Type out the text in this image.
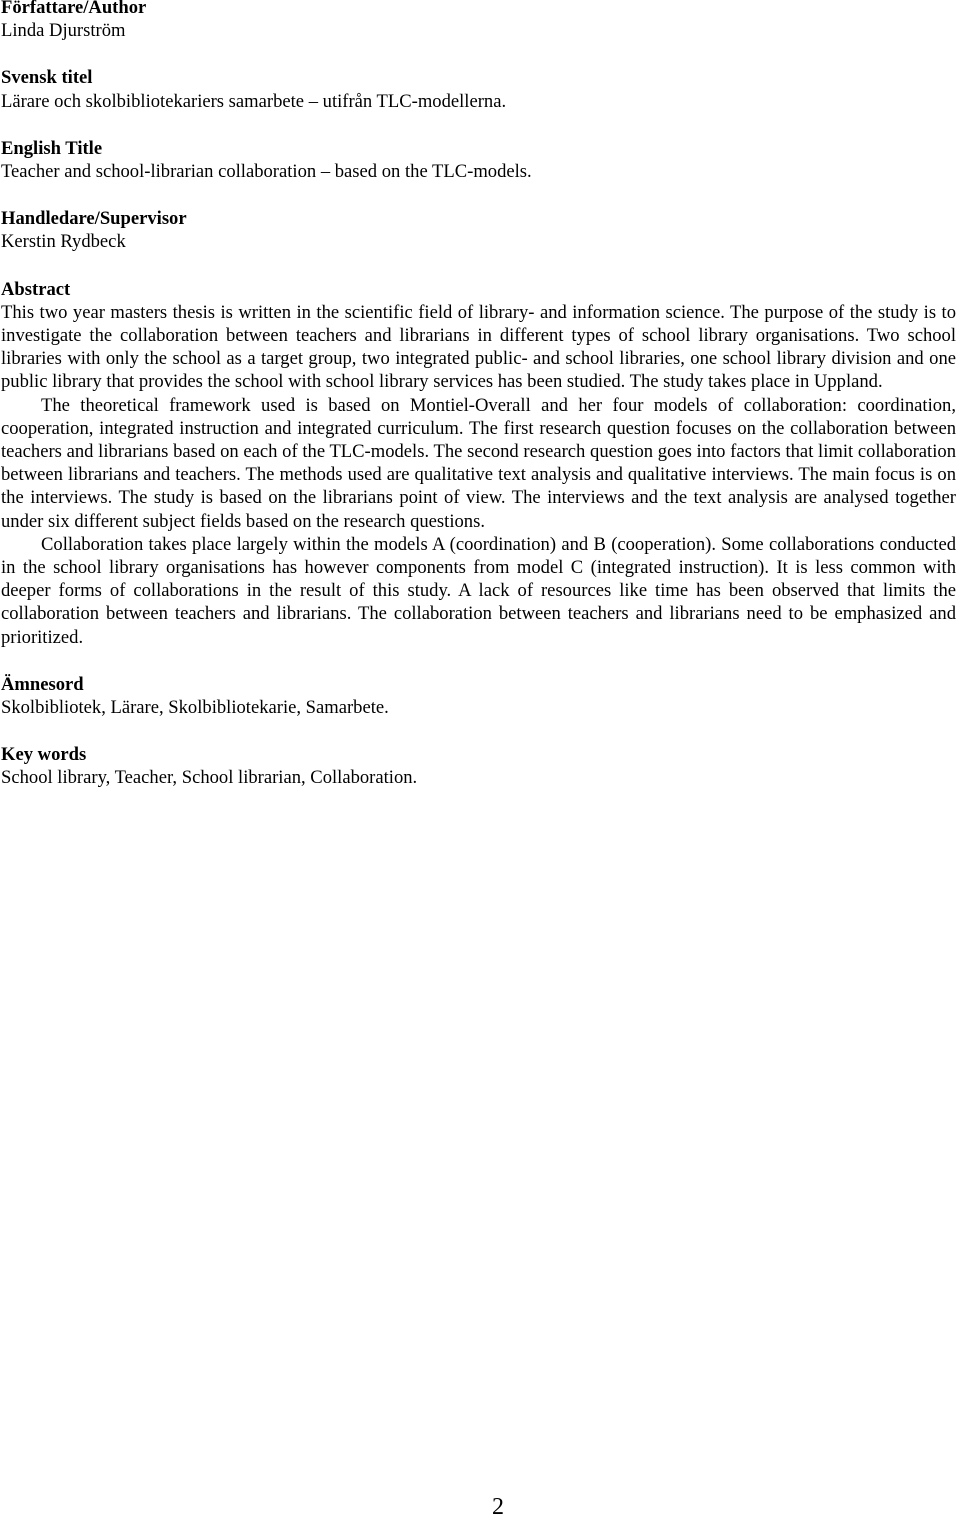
Författare/Author
Linda Djurström
Svensk titel
Lärare och skolbibliotekariers samarbete – utifrån TLC-modellerna.
English Title
Teacher and school-librarian collaboration – based on the TLC-models.
Handledare/Supervisor
Kerstin Rydbeck
Abstract

This two year masters thesis is written in the scientific field of library- and information science. The purpose of the study is to investigate the collaboration between teachers and librarians in different types of school library organisations. Two school libraries with only the school as a target group, two integrated public- and school libraries, one school library division and one public library that provides the school with school library services has been studied. The study takes place in Uppland.

The theoretical framework used is based on Montiel-Overall and her four models of collaboration: coordination, cooperation, integrated instruction and integrated curriculum. The first research question focuses on the collaboration between teachers and librarians based on each of the TLC-models. The second research question goes into factors that limit collaboration between librarians and teachers. The methods used are qualitative text analysis and qualitative interviews. The main focus is on the interviews. The study is based on the librarians point of view. The interviews and the text analysis are analysed together under six different subject fields based on the research questions.

Collaboration takes place largely within the models A (coordination) and B (cooperation). Some collaborations conducted in the school library organisations has however components from model C (integrated instruction). It is less common with deeper forms of collaborations in the result of this study. A lack of resources like time has been observed that limits the collaboration between teachers and librarians. The collaboration between teachers and librarians need to be emphasized and prioritized.

Ämnesord
Skolbibliotek, Lärare, Skolbibliotekarie, Samarbete.
Key words
School library, Teacher, School librarian, Collaboration.
2
